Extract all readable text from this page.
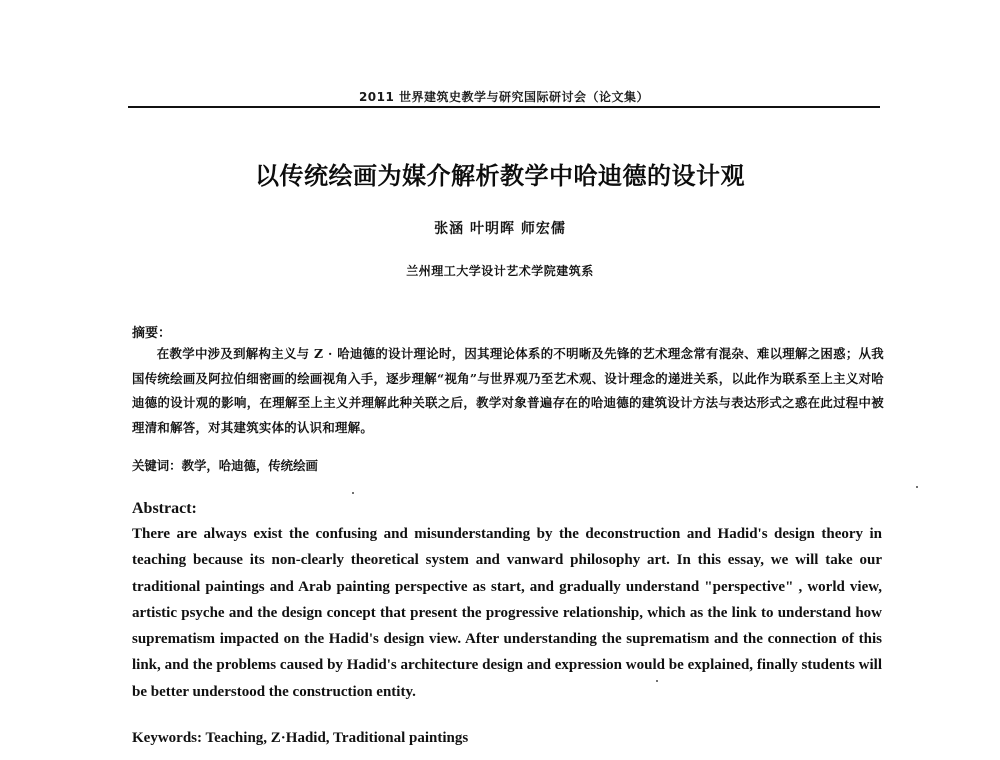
2011 世界建筑史教学与研究国际研讨会（论文集）
以传统绘画为媒介解析教学中哈迪德的设计观
张涵 叶明晖 师宏儒
兰州理工大学设计艺术学院建筑系
摘要：
在教学中涉及到解构主义与 Z · 哈迪德的设计理论时，因其理论体系的不明晰及先锋的艺术理念常有混杂、难以理解之困惑；从我国传统绘画及阿拉伯细密画的绘画视角入手，逐步理解“视角”与世界观乃至艺术观、设计理念的递进关系，以此作为联系至上主义对哈迪德的设计观的影响，在理解至上主义并理解此种关联之后，教学对象普遍存在的哈迪德的建筑设计方法与表达形式之惑在此过程中被理清和解答，对其建筑实体的认识和理解。
关键词：教学，哈迪德，传统绘画
Abstract:
There are always exist the confusing and misunderstanding by the deconstruction and Hadid's design theory in teaching because its non-clearly theoretical system and vanward philosophy art. In this essay, we will take our traditional paintings and Arab painting perspective as start, and gradually understand "perspective" , world view, artistic psyche and the design concept that present the progressive relationship, which as the link to understand how suprematism impacted on the Hadid's design view. After understanding the suprematism and the connection of this link, and the problems caused by Hadid's architecture design and expression would be explained, finally students will be better understood the construction entity.
Keywords: Teaching, Z·Hadid, Traditional paintings
